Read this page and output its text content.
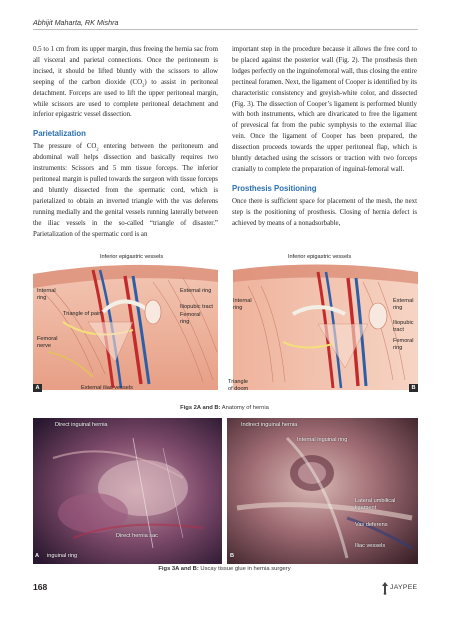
Abhijit Maharta, RK Mishra

0.5 to 1 cm from its upper margin, thus freeing the hernia sac from all visceral and parietal connections. Once the peritoneum is incised, it should be lifted bluntly with the scissors to allow seeping of the carbon dioxide $(CO_2)$ to assist in peritoneal detachment. Forceps are used to lift the upper peritoneal margin, while scissors are used to complete peritoneal detachment and inferior epigastric vessel dissection.

Parietalization

The pressure of $CO_2$ entering between the peritoneum and abdominal wall helps dissection and basically requires two instruments: Scissors and 5 mm tissue forceps. The inferior peritoneal margin is pulled towards the surgeon with tissue forceps and bluntly dissected from the spermatic cord, which is parietalized to obtain an inverted triangle with the vas deferens running medially and the genital vessels running laterally between the iliac vessels in the so-called “triangle of disaster.” Parietalization of the spermatic cord is an

important step in the procedure because it allows the free cord to be placed against the posterior wall (Fig. 2). The prosthesis then lodges perfectly on the inguinofemoral wall, thus closing the entire pectineal foramen. Next, the ligament of Cooper is identified by its characteristic consistency and greyish-white color, and dissected (Fig. 3). The dissection of Cooper’s ligament is performed bluntly with both instruments, which are divaricated to free the ligament of prevesical fat from the pubic symphysis to the external iliac vein. Once the ligament of Cooper has been prepared, the dissection proceeds towards the upper peritoneal flap, which is bluntly detached using the scissors or traction with two forceps cranially to complete the preparation of inguinal-femoral wall.

Prosthesis Positioning

Once there is sufficient space for placement of the mesh, the next step is the positioning of prosthesis. Closing of hernia defect is achieved by means of a nonadsorbable,

Inferior epigastric vessels
Internal
ring
External ring
Iliopubic tract
Femoral
ring
Triangle of pain
Femoral
nerve
External iliac vessels
A
Inferior epigastric vessels
Internal
ring
External
ring
Iliopubic
tract
Femoral
ring
Triangle
of doom	B
Figs 2A and B: Anatomy of hernia
Direct inguinal hernia
Direct hernia sac
inguinal ring
A
Indirect inguinal hernia
Internal inguinal ring
Lateral umbilical
ligament
Vas deferens
Iliac vessels
B
Figs 3A and B: Uscay tissue glue in hernia surgery
168	JAYPEE
